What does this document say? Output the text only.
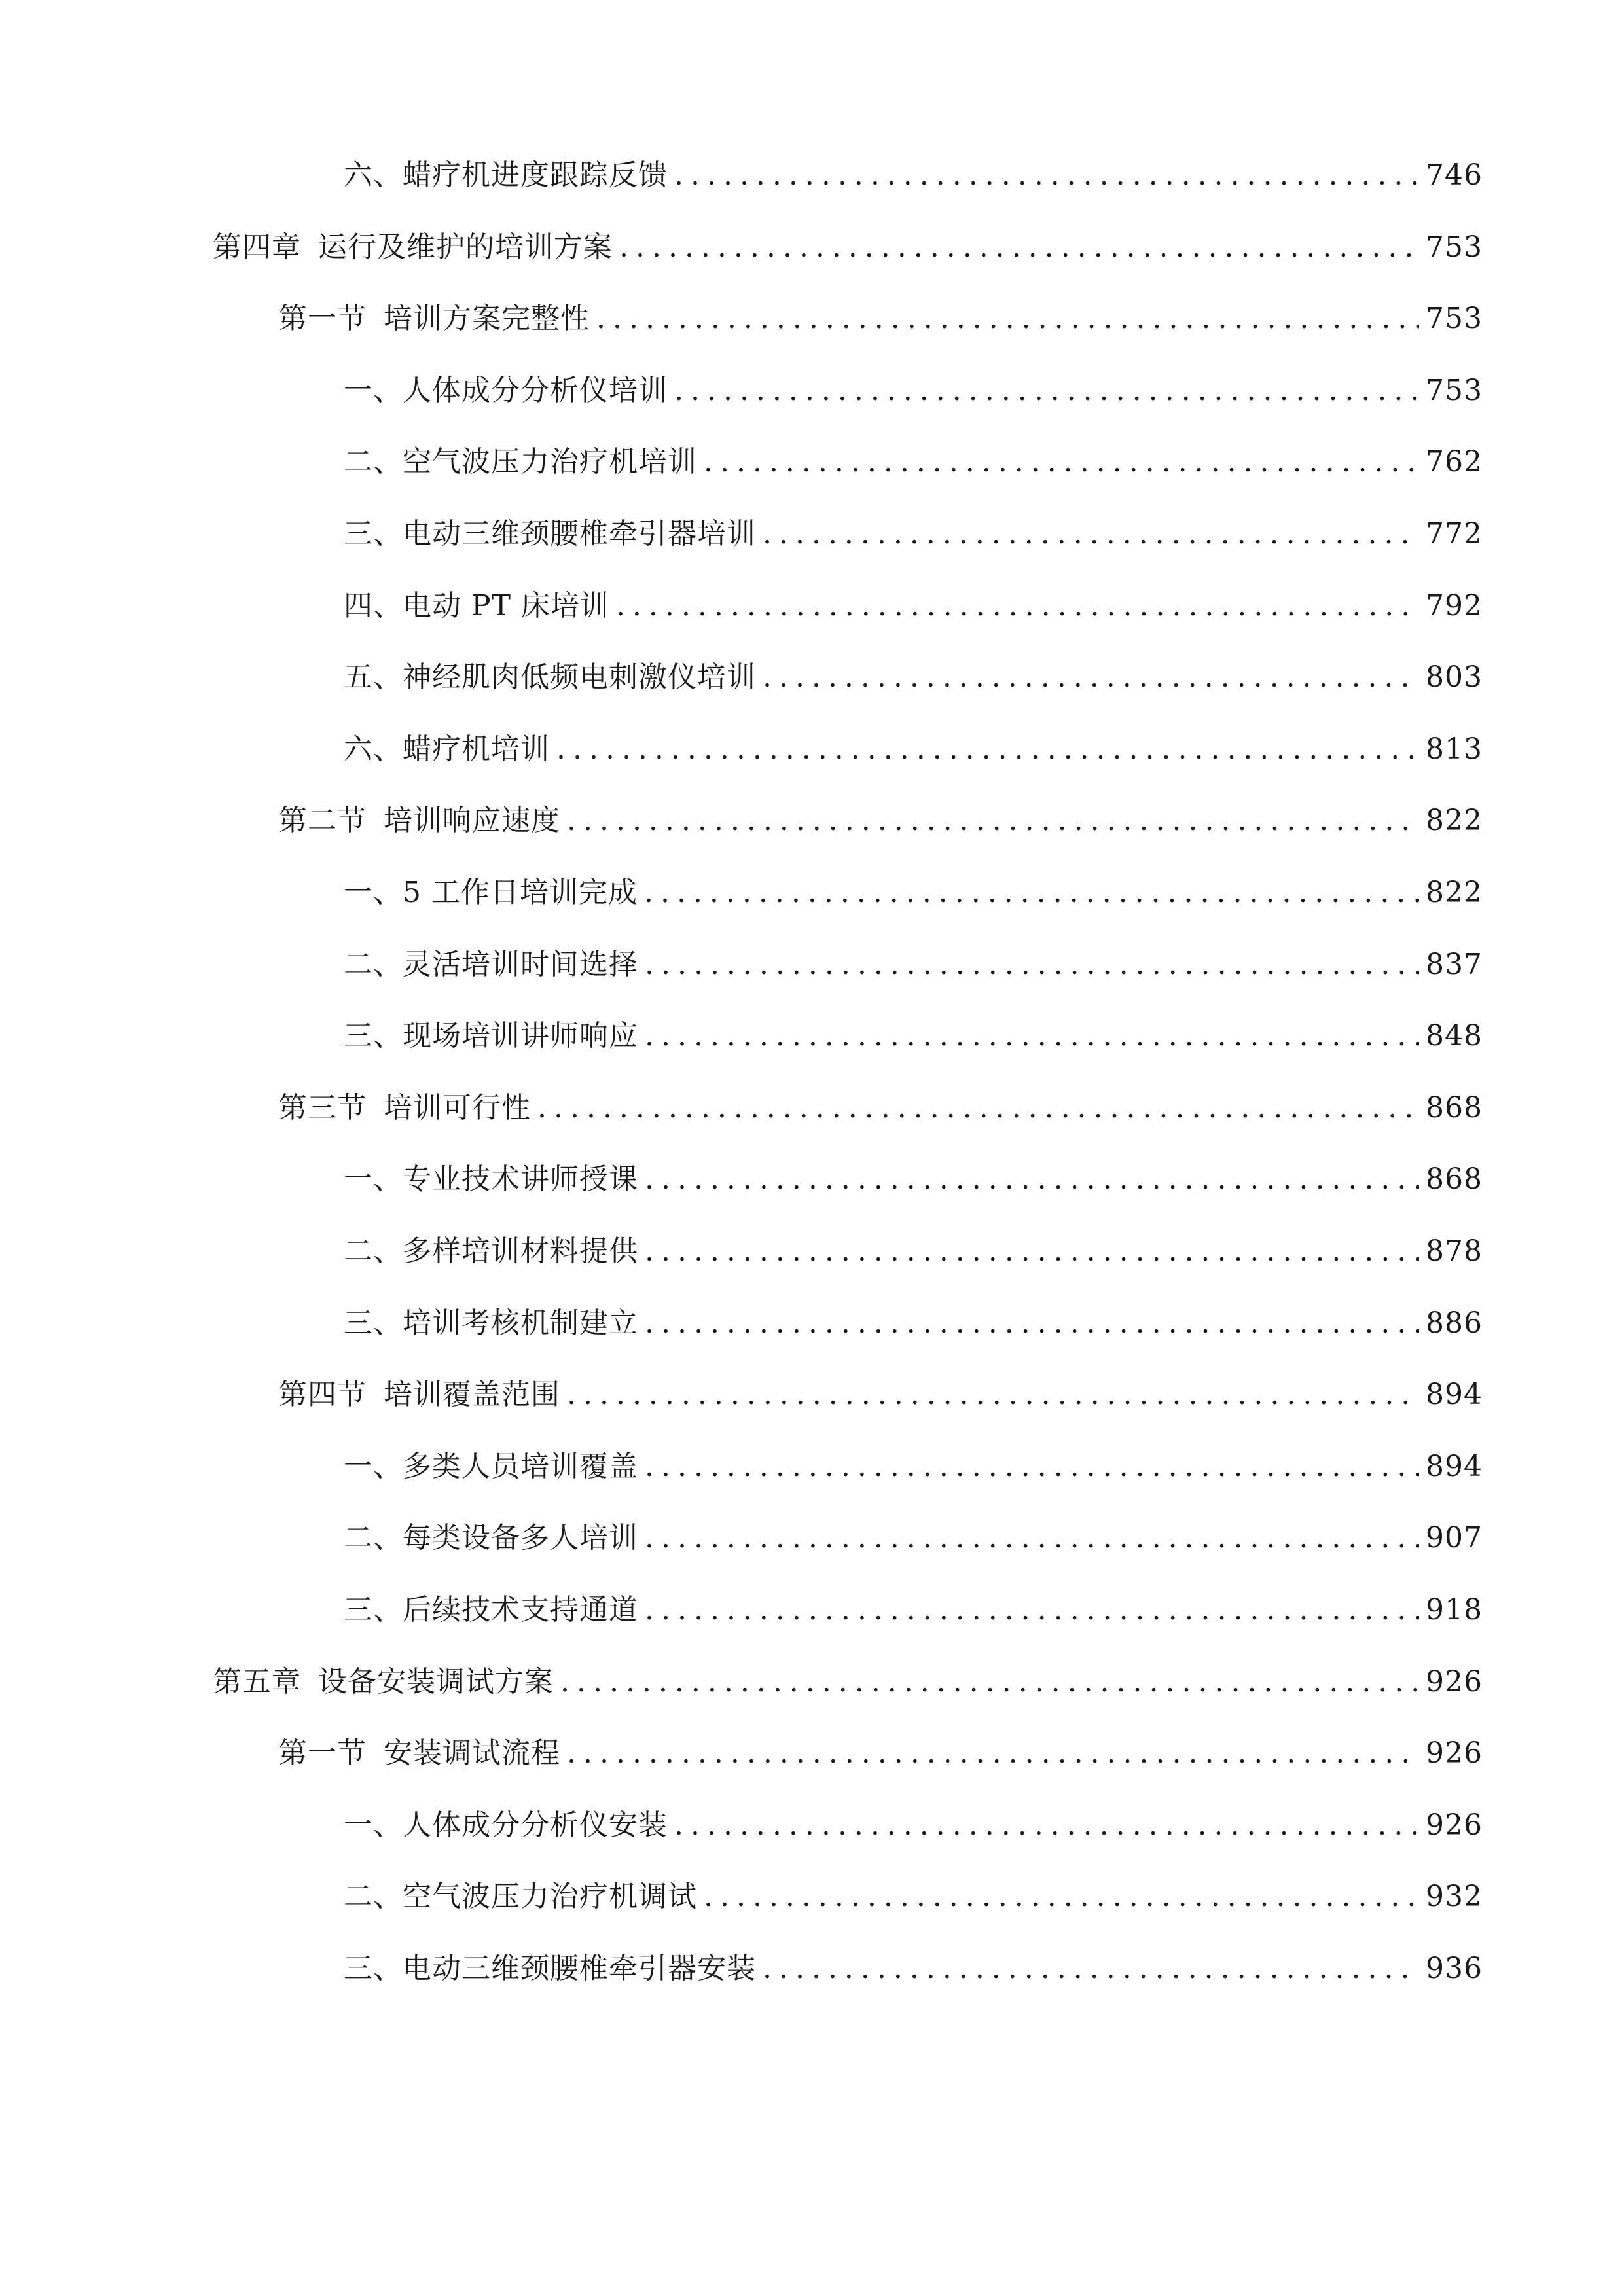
六、 蜡疗机进度跟踪反馈 .....	746
第四章 运行及维护的培训方案 .....	753
第一节 培训方案完整性 .....	753
一、 人体成分分析仪培训 .....	753
二、 空气波压力治疗机培训 .....	762
三、 电动三维颈腰椎牵引器培训 .....	772
四、 电动 PT 床培训 .....	792
五、 神经肌肉低频电刺激仪培训 .....	803
六、 蜡疗机培训 .....	813
第二节 培训响应速度 .....	822
一、 5 工作日培训完成 .....	822
二、 灵活培训时间选择 .....	837
三、 现场培训讲师响应 .....	848
第三节 培训可行性 .....	868
一、 专业技术讲师授课 .....	868
二、 多样培训材料提供 .....	878
三、 培训考核机制建立 .....	886
第四节 培训覆盖范围 .....	894
一、 多类人员培训覆盖 .....	894
二、 每类设备多人培训 .....	907
三、 后续技术支持通道 .....	918
第五章 设备安装调试方案 .....	926
第一节 安装调试流程 .....	926
一、 人体成分分析仪安装 .....	926
二、 空气波压力治疗机调试 .....	932
三、 电动三维颈腰椎牵引器安装 .....	936
